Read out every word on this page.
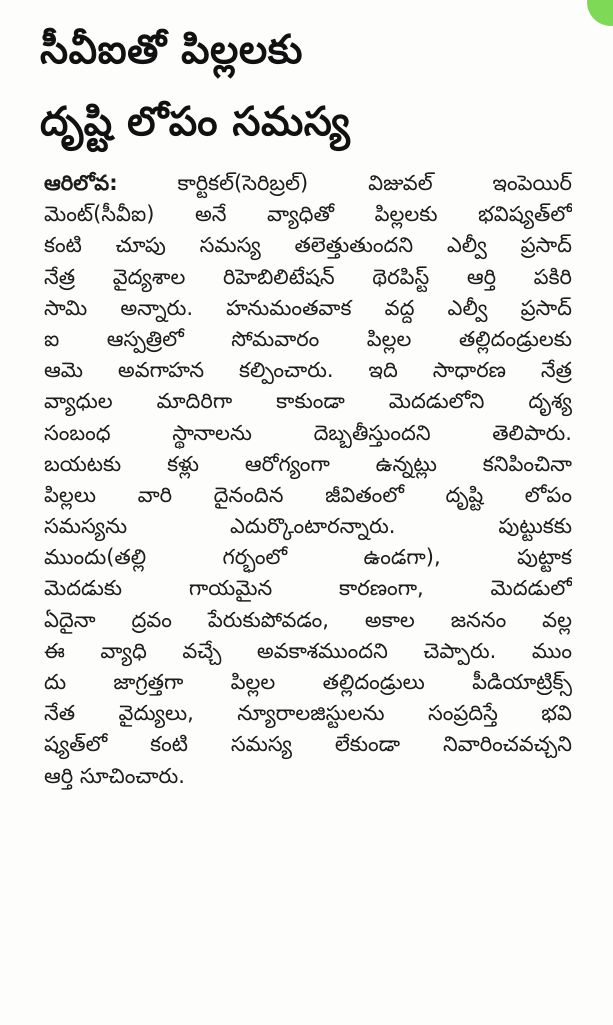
సీవీఐతో పిల్లలకు
దృష్టి లోపం సమస్య
ఆరిలోవ: కార్టికల్(సెరిబ్రల్) విజువల్ ఇంపెయిర్
మెంట్(సీవీఐ) అనే వ్యాధితో పిల్లలకు భవిష్యత్‌లో
కంటి చూపు సమస్య తలెత్తుతుందని ఎల్వీ ప్రసాద్
నేత్ర వైద్యశాల రిహెబిలిటేషన్ థెరపిస్ట్ ఆర్తి పకిరి
సామి అన్నారు. హనుమంతవాక వద్ద ఎల్వీ ప్రసాద్
ఐ ఆస్పత్రిలో సోమవారం పిల్లల తల్లిదండ్రులకు
ఆమె అవగాహన కల్పించారు. ఇది సాధారణ నేత్ర
వ్యాధుల మాదిరిగా కాకుండా మెదడులోని దృశ్య
సంబంధ స్థానాలను దెబ్బతీస్తుందని తెలిపారు.
బయటకు కళ్లు ఆరోగ్యంగా ఉన్నట్లు కనిపించినా
పిల్లలు వారి దైనందిన జీవితంలో దృష్టి లోపం
సమస్యను ఎదుర్కొంటారన్నారు. పుట్టుకకు
ముందు(తల్లి గర్భంలో ఉండగా), పుట్టాక
మెదడుకు గాయమైన కారణంగా, మెదడులో
ఏదైనా ద్రవం పేరుకుపోవడం, అకాల జననం వల్ల
ఈ వ్యాధి వచ్చే అవకాశముందని చెప్పారు. ముం
దు జాగ్రత్తగా పిల్లల తల్లిదండ్రులు పీడియాట్రిక్స్
నేత వైద్యులు, న్యూరాలజిస్టులను సంప్రదిస్తే భవి
ష్యత్‌లో కంటి సమస్య లేకుండా నివారించవచ్చని
ఆర్తి సూచించారు.
